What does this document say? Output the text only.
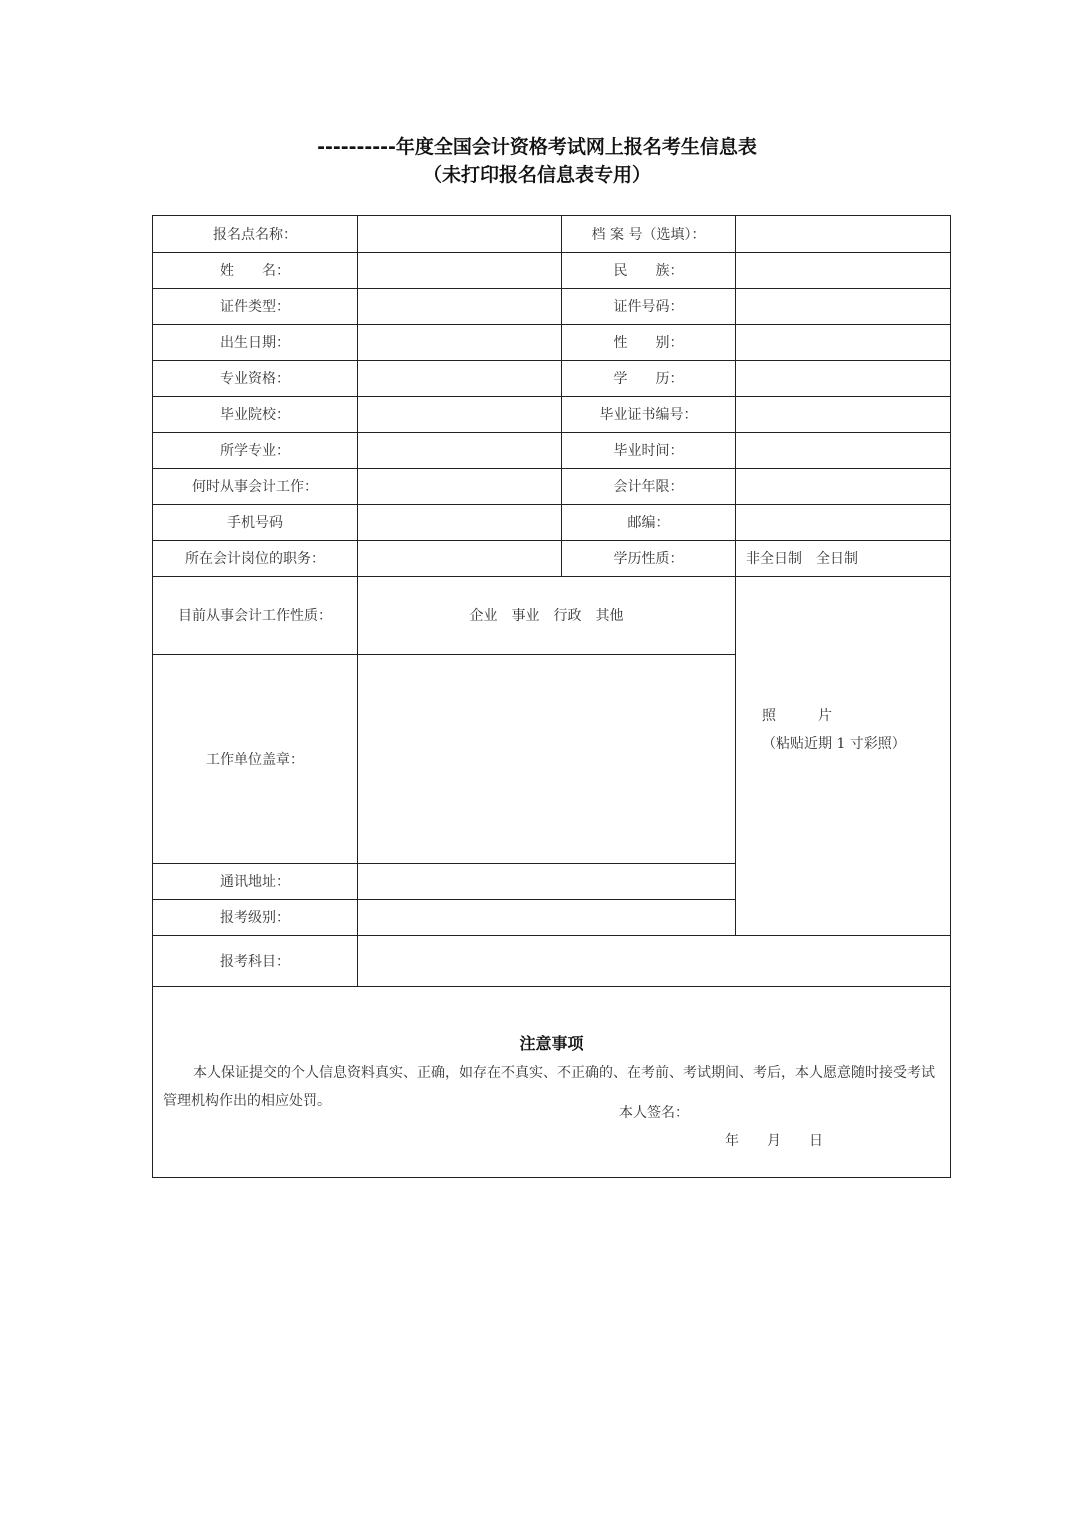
----------年度全国会计资格考试网上报名考生信息表
（未打印报名信息表专用）
报名点名称：	档 案 号（选填）：
姓　　名：	民　　族：
证件类型：	证件号码：
出生日期：	性　　别：
专业资格：	学　　历：
毕业院校：	毕业证书编号：
所学专业：	毕业时间：
何时从事会计工作：	会计年限：
手机号码	邮编：
所在会计岗位的职务：	学历性质：	非全日制　全日制
目前从事会计工作性质：	企业　事业　行政　其他
工作单位盖章：
照　　　片
（粘贴近期 1 寸彩照）
通讯地址：
报考级别：
报考科目：
注意事项
本人保证提交的个人信息资料真实、正确，如存在不真实、不正确的、在考前、考试期间、考后，本人愿意随时接受考试管理机构作出的相应处罚。
本人签名：
年　　月　　日
